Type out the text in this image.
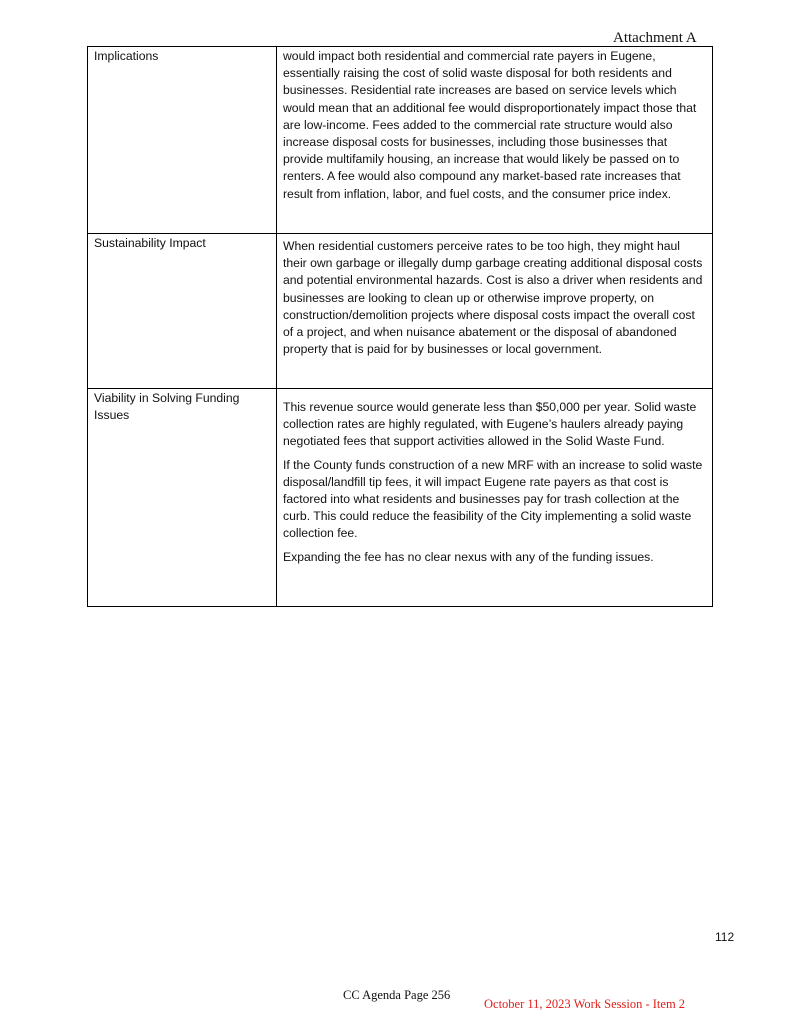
Attachment A
Implications	would impact both residential and commercial rate payers in Eugene, essentially raising the cost of solid waste disposal for both residents and businesses. Residential rate increases are based on service levels which would mean that an additional fee would disproportionately impact those that are low-income. Fees added to the commercial rate structure would also increase disposal costs for businesses, including those businesses that provide multifamily housing, an increase that would likely be passed on to renters. A fee would also compound any market-based rate increases that result from inflation, labor, and fuel costs, and the consumer price index.

Sustainability Impact	When residential customers perceive rates to be too high, they might haul their own garbage or illegally dump garbage creating additional disposal costs and potential environmental hazards. Cost is also a driver when residents and businesses are looking to clean up or otherwise improve property, on construction/demolition projects where disposal costs impact the overall cost of a project, and when nuisance abatement or the disposal of abandoned property that is paid for by businesses or local government.

Viability in Solving Funding Issues	This revenue source would generate less than $50,000 per year. Solid waste collection rates are highly regulated, with Eugene’s haulers already paying negotiated fees that support activities allowed in the Solid Waste Fund.

If the County funds construction of a new MRF with an increase to solid waste disposal/landfill tip fees, it will impact Eugene rate payers as that cost is factored into what residents and businesses pay for trash collection at the curb. This could reduce the feasibility of the City implementing a solid waste collection fee.

Expanding the fee has no clear nexus with any of the funding issues.

112
CC Agenda Page 256
October 11, 2023 Work Session - Item 2
